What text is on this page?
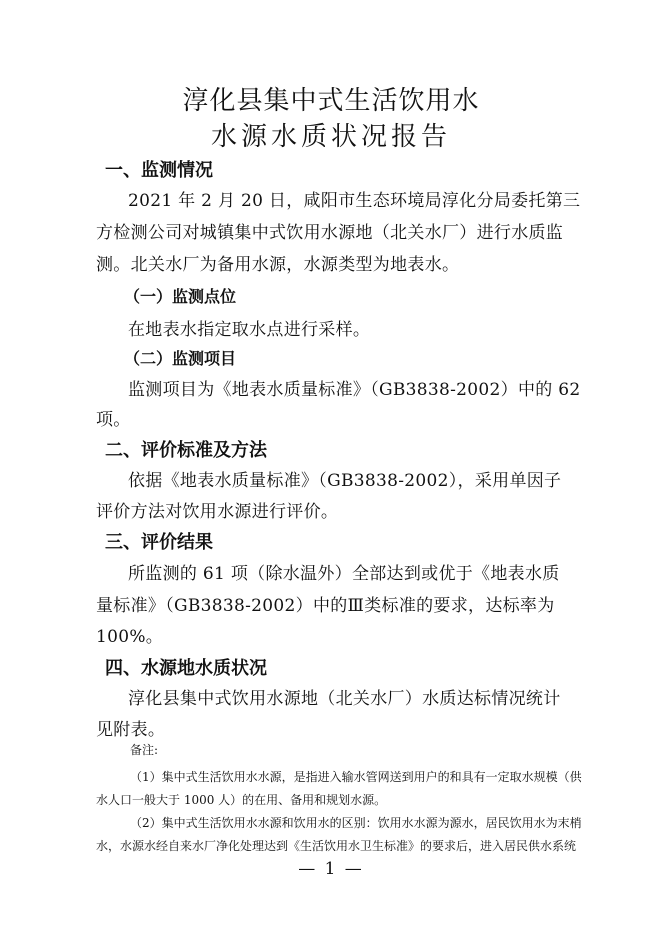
淳化县集中式生活饮用水
水源水质状况报告
一、监测情况
2021 年 2 月 20 日，咸阳市生态环境局淳化分局委托第三
方检测公司对城镇集中式饮用水源地（北关水厂）进行水质监
测。北关水厂为备用水源，水源类型为地表水。
（一）监测点位
在地表水指定取水点进行采样。
（二）监测项目
监测项目为《地表水质量标准》（GB3838-2002）中的 62
项。
二、评价标准及方法
依据《地表水质量标准》（GB3838-2002），采用单因子
评价方法对饮用水源进行评价。
三、评价结果
所监测的 61 项（除水温外）全部达到或优于《地表水质
量标准》（GB3838-2002）中的Ⅲ类标准的要求，达标率为
100%。
四、水源地水质状况
淳化县集中式饮用水源地（北关水厂）水质达标情况统计
见附表。
备注:
（1）集中式生活饮用水水源，是指进入输水管网送到用户的和具有一定取水规模（供
水人口一般大于 1000 人）的在用、备用和规划水源。
（2）集中式生活饮用水水源和饮用水的区别：饮用水水源为源水，居民饮用水为末梢
水，水源水经自来水厂净化处理达到《生活饮用水卫生标准》的要求后，进入居民供水系统
— 1 —
